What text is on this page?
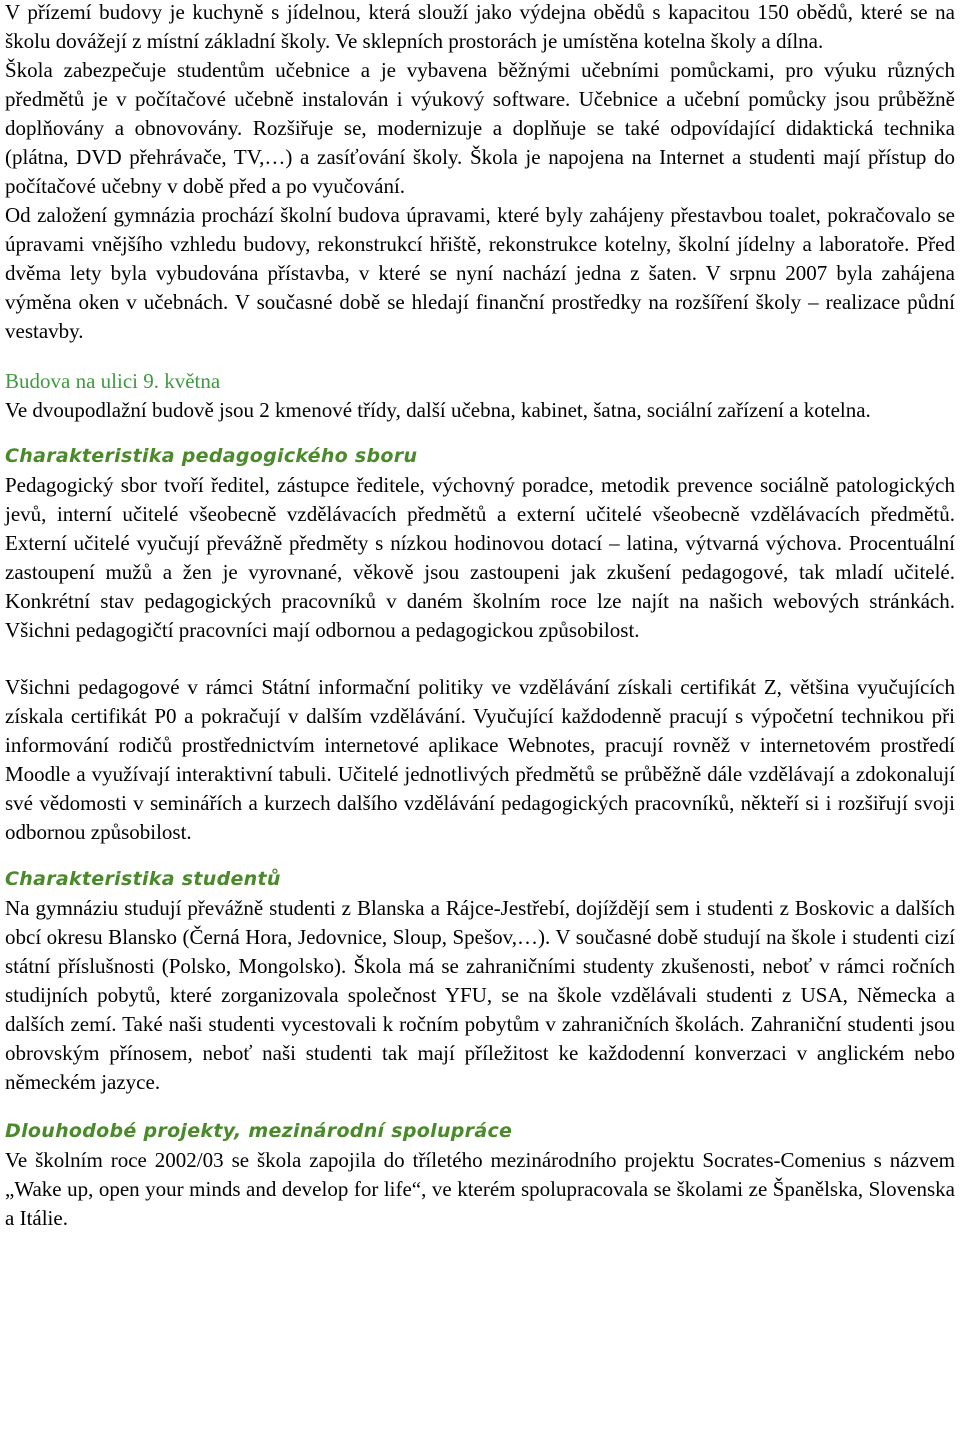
V přízemí budovy je kuchyně s jídelnou, která slouží jako výdejna obědů s kapacitou 150 obědů, které se na školu dovážejí z místní základní školy. Ve sklepních prostorách je umístěna kotelna školy a dílna.

Škola zabezpečuje studentům učebnice a je vybavena běžnými učebními pomůckami, pro výuku různých předmětů je v počítačové učebně instalován i výukový software. Učebnice a učební pomůcky jsou průběžně doplňovány a obnovovány. Rozšiřuje se, modernizuje a doplňuje se také odpovídající didaktická technika (plátna, DVD přehrávače, TV,…) a zasíťování školy. Škola je napojena na Internet a studenti mají přístup do počítačové učebny v době před a po vyučování.

Od založení gymnázia prochází školní budova úpravami, které byly zahájeny přestavbou toalet, pokračovalo se úpravami vnějšího vzhledu budovy, rekonstrukcí hřiště, rekonstrukce kotelny, školní jídelny a laboratoře. Před dvěma lety byla vybudována přístavba, v které se nyní nachází jedna z šaten. V srpnu 2007 byla zahájena výměna oken v učebnách. V současné době se hledají finanční prostředky na rozšíření školy – realizace půdní vestavby.

Budova na ulici 9. května

Ve dvoupodlažní budově jsou 2 kmenové třídy, další učebna, kabinet, šatna, sociální zařízení a kotelna.

Charakteristika pedagogického sboru

Pedagogický sbor tvoří ředitel, zástupce ředitele, výchovný poradce, metodik prevence sociálně patologických jevů, interní učitelé všeobecně vzdělávacích předmětů a externí učitelé všeobecně vzdělávacích předmětů. Externí učitelé vyučují převážně předměty s nízkou hodinovou dotací – latina, výtvarná výchova. Procentuální zastoupení mužů a žen je vyrovnané, věkově jsou zastoupeni jak zkušení pedagogové, tak mladí učitelé. Konkrétní stav pedagogických pracovníků v daném školním roce lze najít na našich webových stránkách. Všichni pedagogičtí pracovníci mají odbornou a pedagogickou způsobilost.

Všichni pedagogové v rámci Státní informační politiky ve vzdělávání získali certifikát Z, většina vyučujících získala certifikát P0 a pokračují v dalším vzdělávání. Vyučující každodenně pracují s výpočetní technikou při informování rodičů prostřednictvím internetové aplikace Webnotes, pracují rovněž v internetovém prostředí Moodle a využívají interaktivní tabuli. Učitelé jednotlivých předmětů se průběžně dále vzdělávají a zdokonalují své vědomosti v seminářích a kurzech dalšího vzdělávání pedagogických pracovníků, někteří si i rozšiřují svoji odbornou způsobilost.

Charakteristika studentů

Na gymnáziu studují převážně studenti z Blanska a Rájce-Jestřebí, dojíždějí sem i studenti z Boskovic a dalších obcí okresu Blansko (Černá Hora, Jedovnice, Sloup, Spešov,…). V současné době studují na škole i studenti cizí státní příslušnosti (Polsko, Mongolsko). Škola má se zahraničními studenty zkušenosti, neboť v rámci ročních studijních pobytů, které zorganizovala společnost YFU, se na škole vzdělávali studenti z USA, Německa a dalších zemí. Také naši studenti vycestovali k ročním pobytům v zahraničních školách. Zahraniční studenti jsou obrovským přínosem, neboť naši studenti tak mají příležitost ke každodenní konverzaci v anglickém nebo německém jazyce.

Dlouhodobé projekty, mezinárodní spolupráce

Ve školním roce 2002/03 se škola zapojila do tříletého mezinárodního projektu Socrates-Comenius s názvem „Wake up, open your minds and develop for life“, ve kterém spolupracovala se školami ze Španělska, Slovenska a Itálie.
